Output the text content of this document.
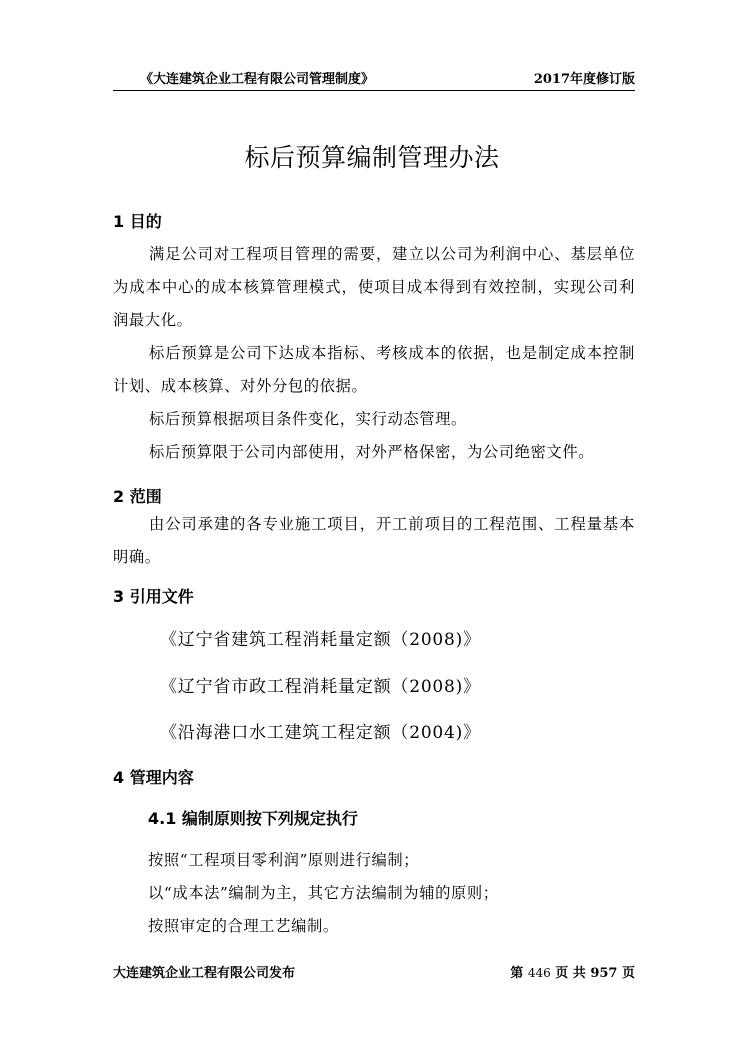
《大连建筑企业工程有限公司管理制度》	2017年度修订版
标后预算编制管理办法
1 目的
满足公司对工程项目管理的需要，建立以公司为利润中心、基层单位为成本中心的成本核算管理模式，使项目成本得到有效控制，实现公司利润最大化。
标后预算是公司下达成本指标、考核成本的依据，也是制定成本控制计划、成本核算、对外分包的依据。
标后预算根据项目条件变化，实行动态管理。
标后预算限于公司内部使用，对外严格保密，为公司绝密文件。
2 范围
由公司承建的各专业施工项目，开工前项目的工程范围、工程量基本明确。
3 引用文件
《辽宁省建筑工程消耗量定额（2008)》
《辽宁省市政工程消耗量定额（2008)》
《沿海港口水工建筑工程定额（2004)》
4 管理内容
4.1 编制原则按下列规定执行
按照“工程项目零利润”原则进行编制；
以“成本法”编制为主，其它方法编制为辅的原则；
按照审定的合理工艺编制。
大连建筑企业工程有限公司发布	第 446 页 共 957 页
